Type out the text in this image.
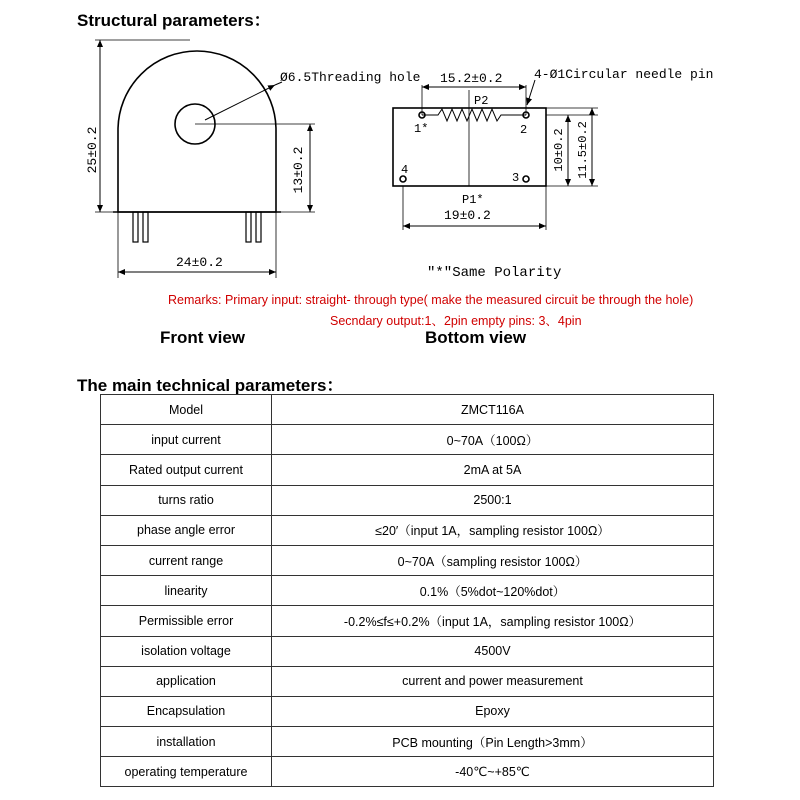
Structural parameters：
25±0.2	13±0.2
Ø6.5Threading hole
24±0.2
15.2±0.2 4-Ø1Circular needle pin
P2
1*	2
3
4
P1*
19±0.2
10±0.2 11.5±0.2
"*"Same Polarity
Remarks: Primary input: straight- through type( make the measured circuit be through the hole)
Secndary output:1、2pin empty pins: 3、4pin
Front view	Bottom view
The main technical parameters：
Model	ZMCT116A
input current	0~70A（100Ω）
Rated output current	2mA at 5A
turns ratio	2500:1
phase angle error	≤20′（input 1A，sampling resistor 100Ω）
current range	0~70A（sampling resistor 100Ω）
linearity	0.1%（5%dot~120%dot）
Permissible error	-0.2%≤f≤+0.2%（input 1A，sampling resistor 100Ω）
isolation voltage	4500V
application	current and power measurement
Encapsulation	Epoxy
installation	PCB mounting（Pin Length>3mm）
operating temperature	-40℃~+85℃
